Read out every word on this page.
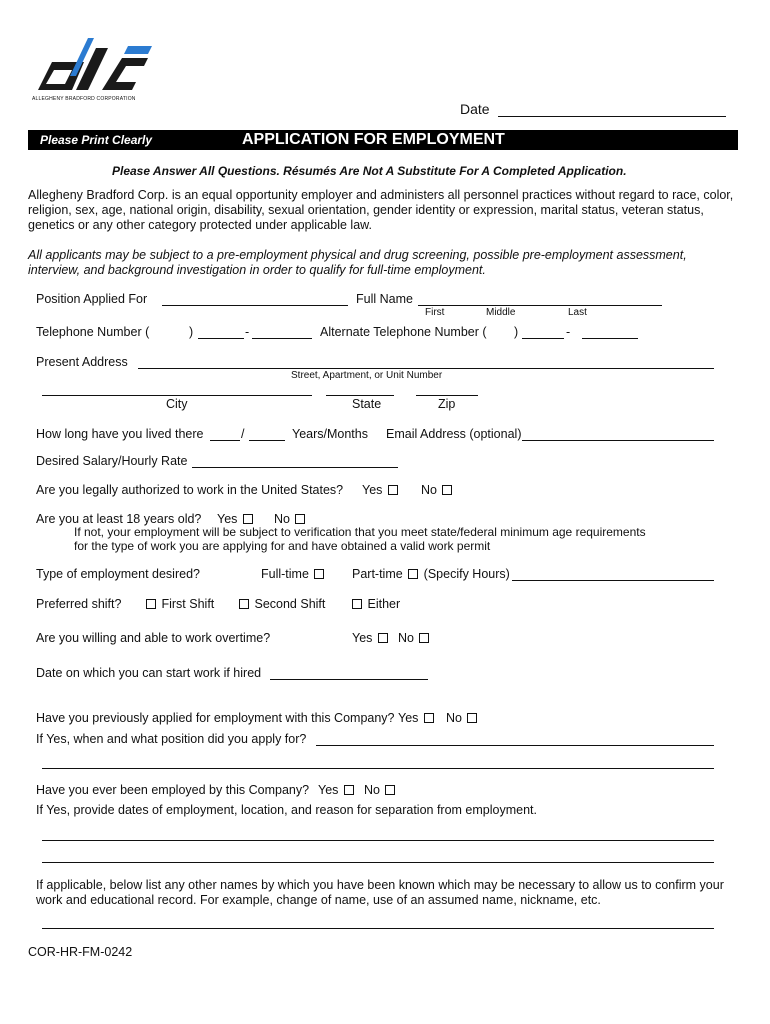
ALLEGHENY BRADFORD CORPORATION
Date
Please Print Clearly	APPLICATION FOR EMPLOYMENT
Please Answer All Questions. Résumés Are Not A Substitute For A Completed Application.
Allegheny Bradford Corp. is an equal opportunity employer and administers all personnel practices without regard to race, color, religion, sex, age, national origin, disability, sexual orientation, gender identity or expression, marital status, veteran status, genetics or any other category protected under applicable law.
All applicants may be subject to a pre-employment physical and drug screening, possible pre-employment assessment, interview, and background investigation in order to qualify for full-time employment.
Position Applied For	Full Name
First	Middle	Last
Telephone Number (	)	-	Alternate Telephone Number ( )	-
Present Address
Street, Apartment, or Unit Number
City	State	Zip
How long have you lived there	/	Years/Months Email Address (optional)
Desired Salary/Hourly Rate
Are you legally authorized to work in the United States? Yes	No
Are you at least 18 years old? Yes	No
If not, your employment will be subject to verification that you meet state/federal minimum age requirements
for the type of work you are applying for and have obtained a valid work permit
Type of employment desired?	Full-time	Part-time (Specify Hours)
Preferred shift?	First Shift	Second Shift	Either
Are you willing and able to work overtime?	Yes	No
Date on which you can start work if hired
Have you previously applied for employment with this Company? Yes	No
If Yes, when and what position did you apply for?
Have you ever been employed by this Company? Yes	No
If Yes, provide dates of employment, location, and reason for separation from employment.
If applicable, below list any other names by which you have been known which may be necessary to allow us to confirm your work and educational record. For example, change of name, use of an assumed name, nickname, etc.
COR-HR-FM-0242
